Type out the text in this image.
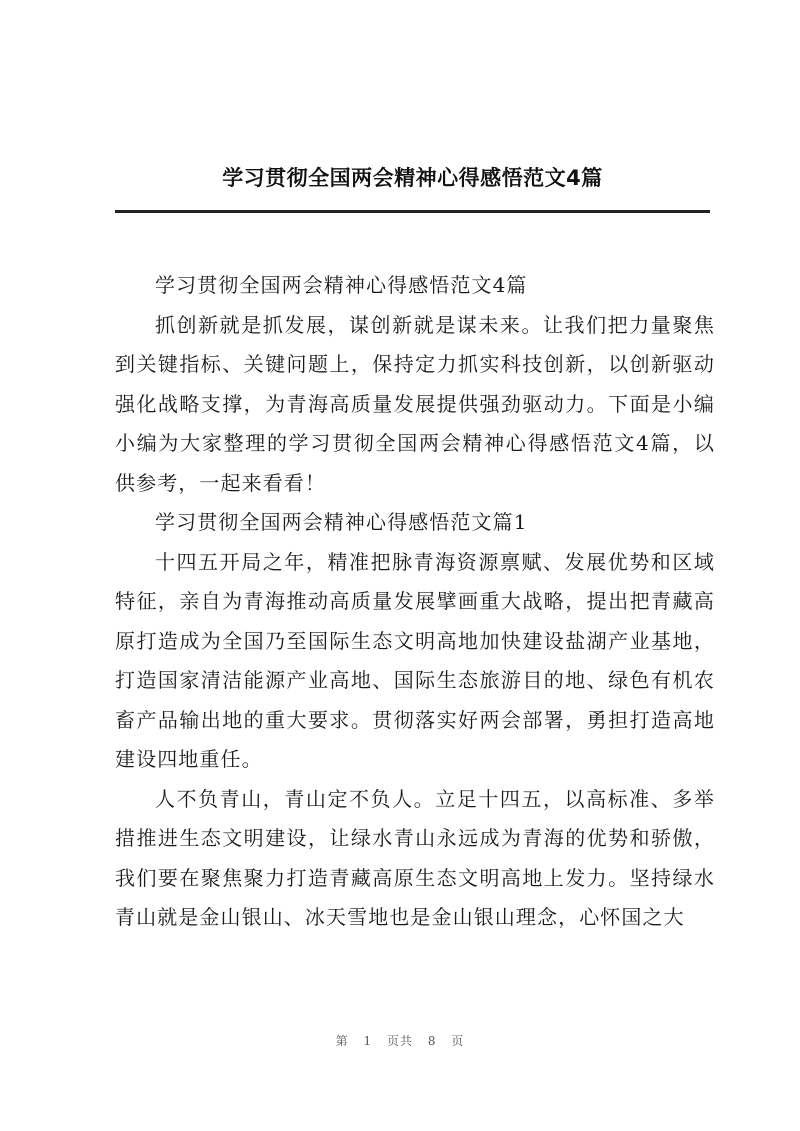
学习贯彻全国两会精神心得感悟范文4篇

学习贯彻全国两会精神心得感悟范文4篇

抓创新就是抓发展，谋创新就是谋未来。让我们把力量聚焦到关键指标、关键问题上，保持定力抓实科技创新，以创新驱动强化战略支撑，为青海高质量发展提供强劲驱动力。下面是小编小编为大家整理的学习贯彻全国两会精神心得感悟范文4篇，以供参考，一起来看看！

学习贯彻全国两会精神心得感悟范文篇1

十四五开局之年，精准把脉青海资源禀赋、发展优势和区域特征，亲自为青海推动高质量发展擘画重大战略，提出把青藏高原打造成为全国乃至国际生态文明高地加快建设盐湖产业基地，打造国家清洁能源产业高地、国际生态旅游目的地、绿色有机农畜产品输出地的重大要求。贯彻落实好两会部署，勇担打造高地建设四地重任。

人不负青山，青山定不负人。立足十四五，以高标准、多举措推进生态文明建设，让绿水青山永远成为青海的优势和骄傲，我们要在聚焦聚力打造青藏高原生态文明高地上发力。坚持绿水青山就是金山银山、冰天雪地也是金山银山理念，心怀国之大

第 1 页共 8 页
